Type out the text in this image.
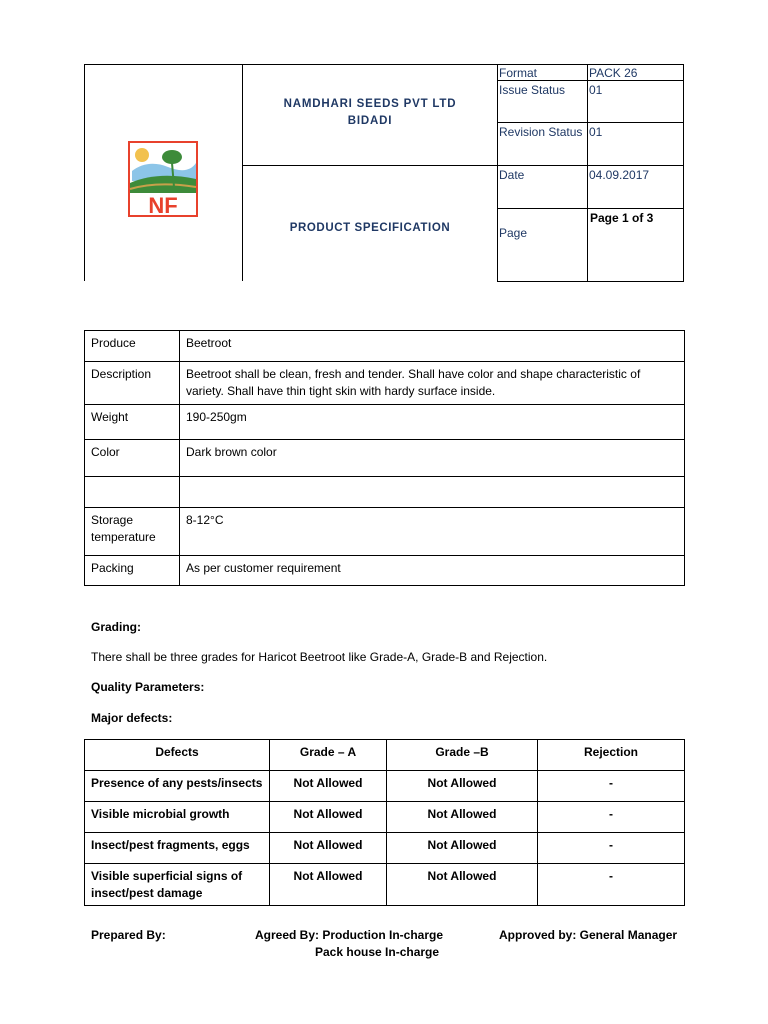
NF
NAMDHARI SEEDS PVT LTD
BIDADI
PRODUCT SPECIFICATION
Format	PACK 26
Issue Status 01
Revision Status 01
Date	04.09.2017
Page
Page 1 of 3
Produce	Beetroot
Description	Beetroot shall be clean, fresh and tender. Shall have color and shape characteristic of variety. Shall have thin tight skin with hardy surface inside.
Weight	190-250gm
Color	Dark brown color

Storage temperature	8-12°C
Packing	As per customer requirement
Grading:
There shall be three grades for Haricot Beetroot like Grade-A, Grade-B and Rejection.
Quality Parameters:
Major defects:
Defects	Grade – A	Grade –B	Rejection
Presence of any pests/insects	Not Allowed	Not Allowed	-
Visible microbial growth	Not Allowed	Not Allowed	-
Insect/pest fragments, eggs	Not Allowed	Not Allowed	-
Visible superficial signs of insect/pest damage	Not Allowed	Not Allowed	-
Prepared By:	Agreed By: Production In-charge
Pack house In-charge
Approved by: General Manager
